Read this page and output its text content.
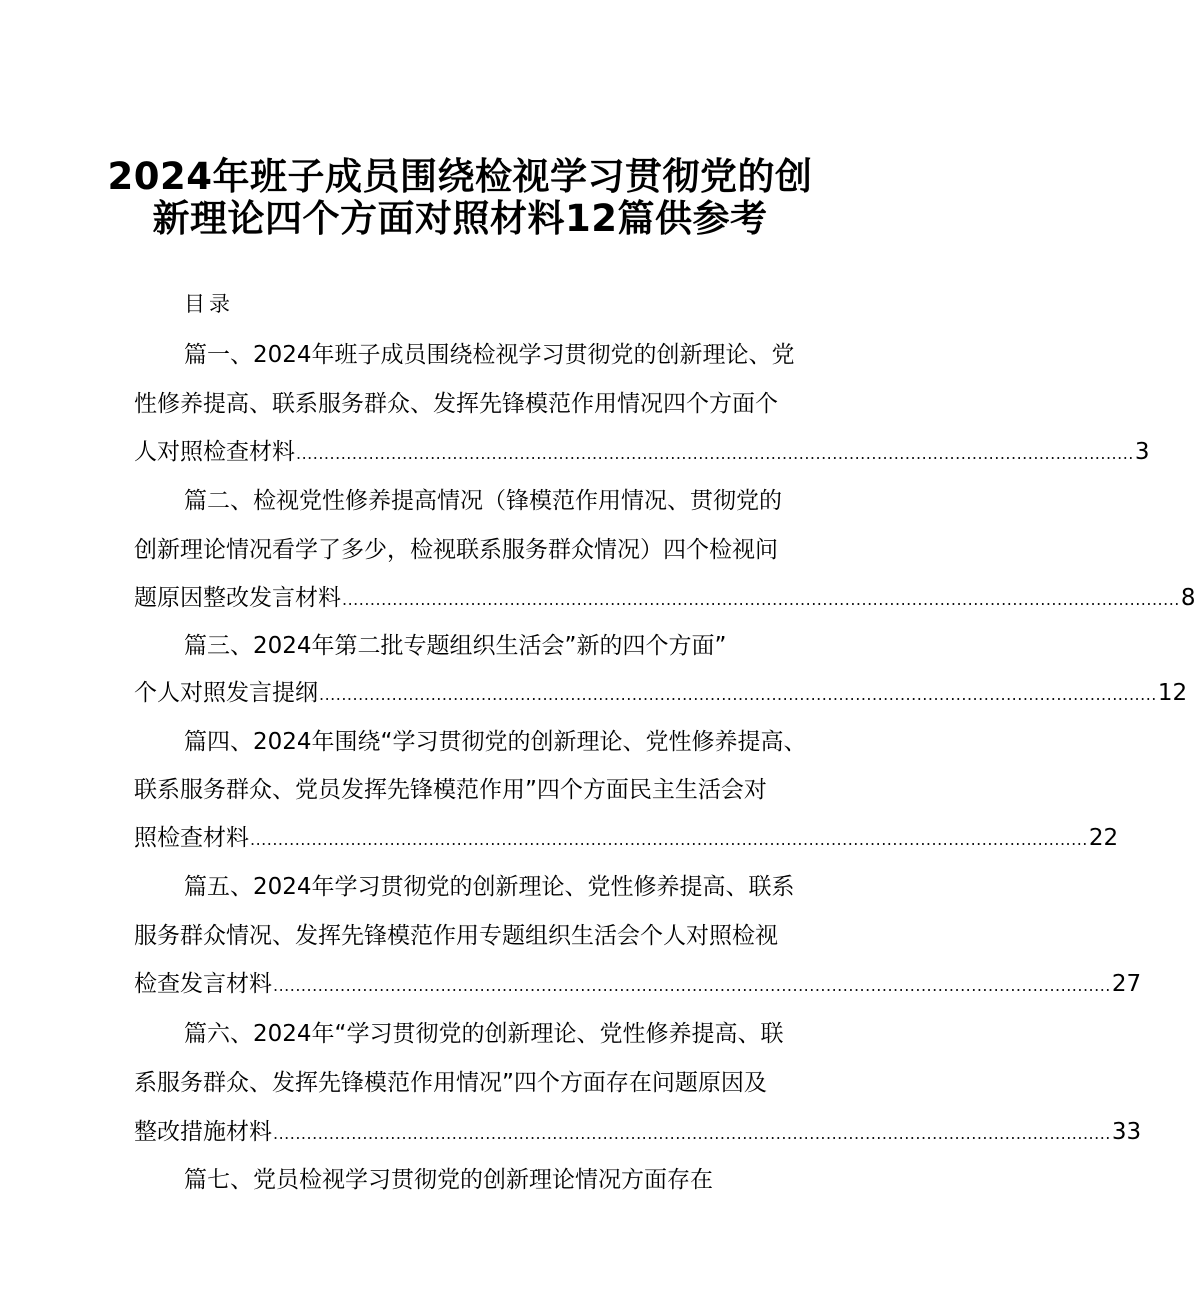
2024年班子成员围绕检视学习贯彻党的创
新理论四个方面对照材料12篇供参考
目录
篇一、2024年班子成员围绕检视学习贯彻党的创新理论、党
性修养提高、联系服务群众、发挥先锋模范作用情况四个方面个
人对照检查材料 ...................................................................................................................................................... 3
篇二、检视党性修养提高情况（锋模范作用情况、贯彻党的
创新理论情况看学了多少，检视联系服务群众情况）四个检视问
题原因整改发言材料 ...................................................................................................................................................... 8
篇三、2024年第二批专题组织生活会”新的四个方面”
个人对照发言提纲 ...................................................................................................................................................... 12
篇四、2024年围绕“学习贯彻党的创新理论、党性修养提高、
联系服务群众、党员发挥先锋模范作用”四个方面民主生活会对
照检查材料 ...................................................................................................................................................... 22
篇五、2024年学习贯彻党的创新理论、党性修养提高、联系
服务群众情况、发挥先锋模范作用专题组织生活会个人对照检视
检查发言材料 ...................................................................................................................................................... 27
篇六、2024年“学习贯彻党的创新理论、党性修养提高、联
系服务群众、发挥先锋模范作用情况”四个方面存在问题原因及
整改措施材料 ...................................................................................................................................................... 33
篇七、党员检视学习贯彻党的创新理论情况方面存在
